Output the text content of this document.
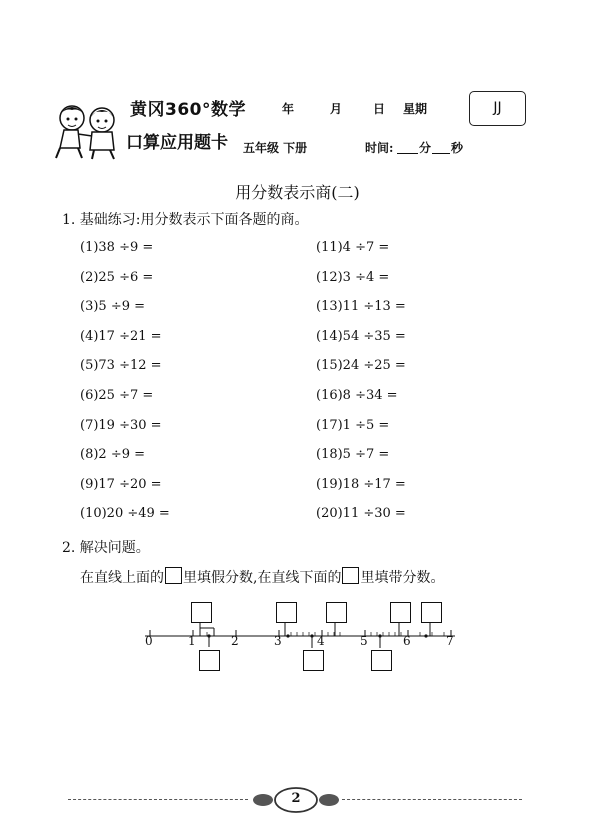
黄冈360°数学
口算应用题卡
年	月	日 星期
五年级 下册	时间: 分 秒
JJ
用分数表示商(二)
1. 基础练习:用分数表示下面各题的商。
(1)38 ÷9 =
(2)25 ÷6 =
(3)5 ÷9 =
(4)17 ÷21 =
(5)73 ÷12 =
(6)25 ÷7 =
(7)19 ÷30 =
(8)2 ÷9 =
(9)17 ÷20 =
(10)20 ÷49 =
(11)4 ÷7 =
(12)3 ÷4 =
(13)11 ÷13 =
(14)54 ÷35 =
(15)24 ÷25 =
(16)8 ÷34 =
(17)1 ÷5 =
(18)5 ÷7 =
(19)18 ÷17 =
(20)11 ÷30 =
2. 解决问题。
在直线上面的 里填假分数,在直线下面的 里填带分数。
0	1	2	3	4	5	6	7
2
